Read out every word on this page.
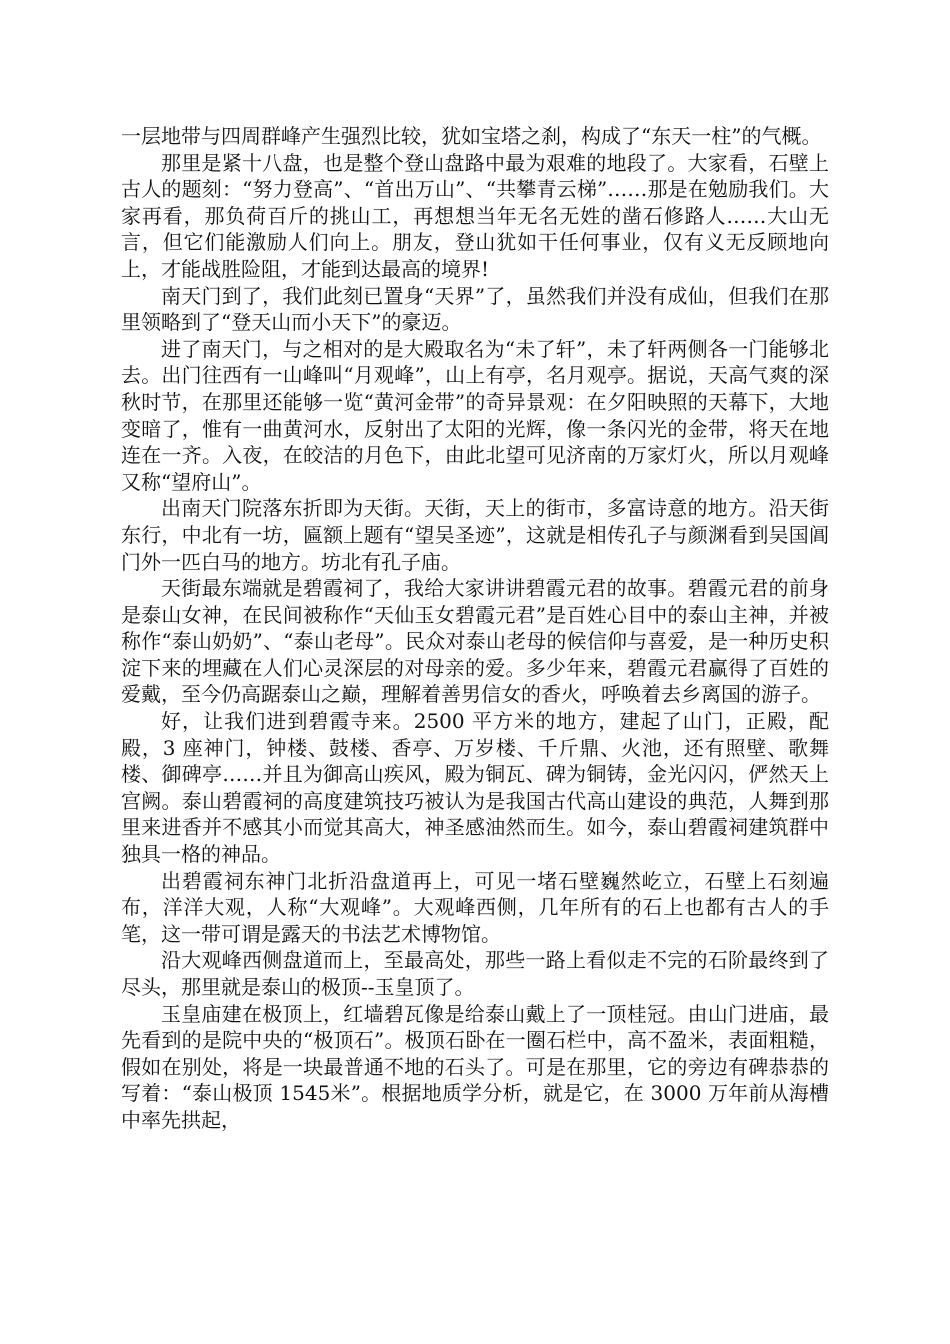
一层地带与四周群峰产生强烈比较，犹如宝塔之刹，构成了“东天一柱”的气概。

那里是紧十八盘，也是整个登山盘路中最为艰难的地段了。大家看，石壁上古人的题刻：“努力登高”、“首出万山”、“共攀青云梯”……那是在勉励我们。大家再看，那负荷百斤的挑山工，再想想当年无名无姓的凿石修路人……大山无言，但它们能激励人们向上。朋友，登山犹如干任何事业，仅有义无反顾地向上，才能战胜险阻，才能到达最高的境界!

南天门到了，我们此刻已置身“天界”了，虽然我们并没有成仙，但我们在那里领略到了“登天山而小天下”的豪迈。

进了南天门，与之相对的是大殿取名为“未了轩”，未了轩两侧各一门能够北去。出门往西有一山峰叫“月观峰”，山上有亭，名月观亭。据说，天高气爽的深秋时节，在那里还能够一览“黄河金带”的奇异景观：在夕阳映照的天幕下，大地变暗了，惟有一曲黄河水，反射出了太阳的光辉，像一条闪光的金带，将天在地连在一齐。入夜，在皎洁的月色下，由此北望可见济南的万家灯火，所以月观峰又称“望府山”。

出南天门院落东折即为天街。天街，天上的街市，多富诗意的地方。沿天街东行，中北有一坊，匾额上题有“望吴圣迹”，这就是相传孔子与颜渊看到吴国阊门外一匹白马的地方。坊北有孔子庙。

天街最东端就是碧霞祠了，我给大家讲讲碧霞元君的故事。碧霞元君的前身是泰山女神，在民间被称作“天仙玉女碧霞元君”是百姓心目中的泰山主神，并被称作“泰山奶奶”、“泰山老母”。民众对泰山老母的候信仰与喜爱，是一种历史积淀下来的埋藏在人们心灵深层的对母亲的爱。多少年来，碧霞元君赢得了百姓的爱戴，至今仍高踞泰山之巅，理解着善男信女的香火，呼唤着去乡离国的游子。

好，让我们进到碧霞寺来。2500 平方米的地方，建起了山门，正殿，配殿，3 座神门，钟楼、鼓楼、香亭、万岁楼、千斤鼎、火池，还有照壁、歌舞楼、御碑亭……并且为御高山疾风，殿为铜瓦、碑为铜铸，金光闪闪，俨然天上宫阙。泰山碧霞祠的高度建筑技巧被认为是我国古代高山建设的典范，人舞到那里来进香并不感其小而觉其高大，神圣感油然而生。如今，泰山碧霞祠建筑群中独具一格的神品。

出碧霞祠东神门北折沿盘道再上，可见一堵石壁巍然屹立，石壁上石刻遍布，洋洋大观，人称“大观峰”。大观峰西侧，几年所有的石上也都有古人的手笔，这一带可谓是露天的书法艺术博物馆。

沿大观峰西侧盘道而上，至最高处，那些一路上看似走不完的石阶最终到了尽头，那里就是泰山的极顶--玉皇顶了。

玉皇庙建在极顶上，红墙碧瓦像是给泰山戴上了一顶桂冠。由山门进庙，最先看到的是院中央的“极顶石”。极顶石卧在一圈石栏中，高不盈米，表面粗糙，假如在别处，将是一块最普通不地的石头了。可是在那里，它的旁边有碑恭恭的写着：“泰山极顶 1545米”。根据地质学分析，就是它，在 3000 万年前从海槽中率先拱起，
